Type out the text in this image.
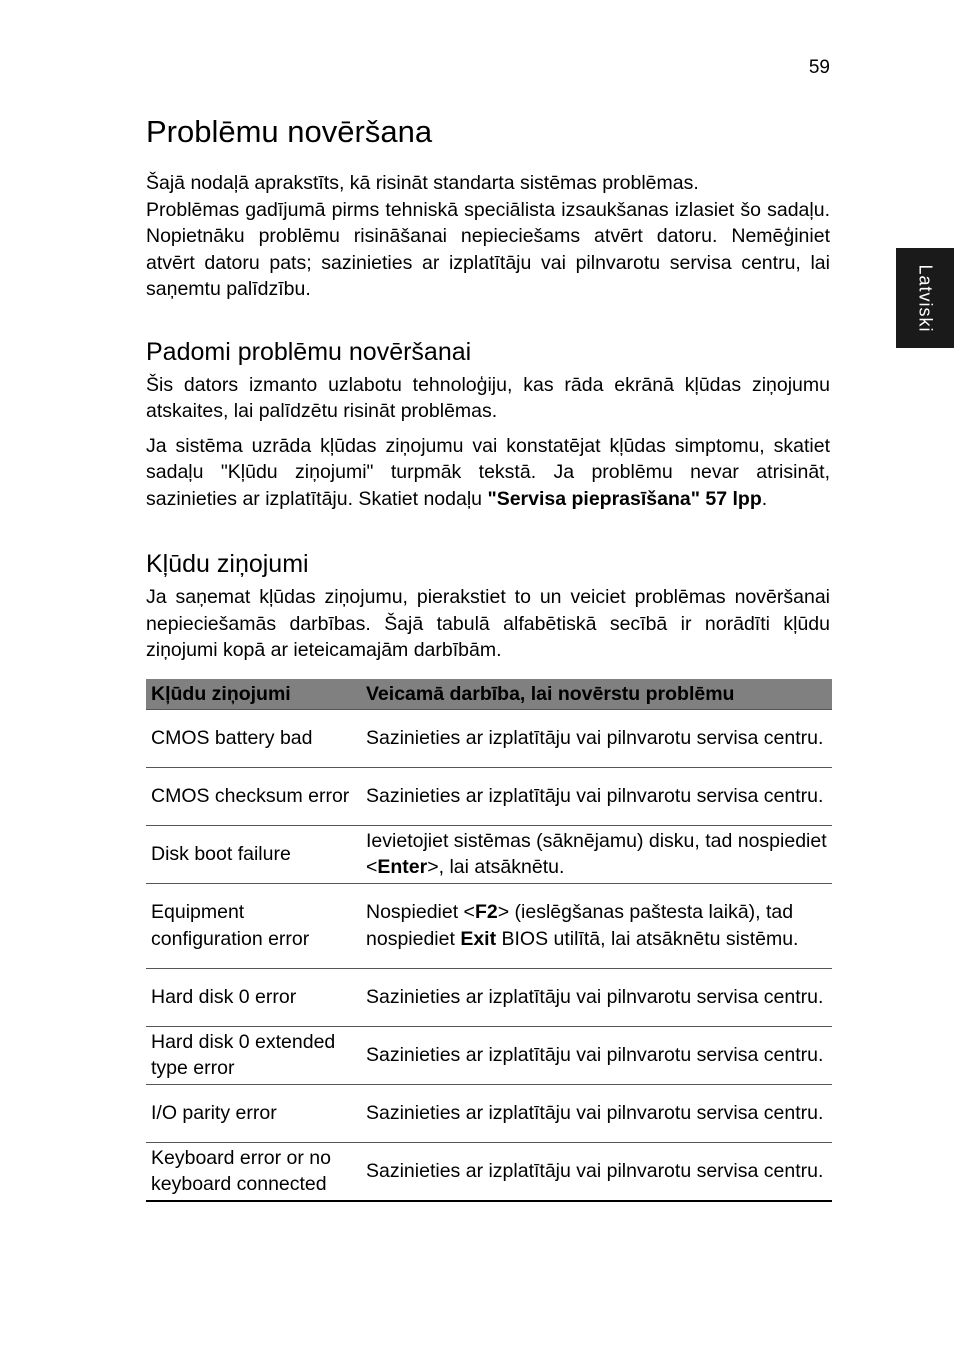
59
Latviski
Problēmu novēršana

Šajā nodaļā aprakstīts, kā risināt standarta sistēmas problēmas.

Problēmas gadījumā pirms tehniskā speciālista izsaukšanas izlasiet šo sadaļu. Nopietnāku problēmu risināšanai nepieciešams atvērt datoru. Nemēģiniet atvērt datoru pats; sazinieties ar izplatītāju vai pilnvarotu servisa centru, lai saņemtu palīdzību.

Padomi problēmu novēršanai

Šis dators izmanto uzlabotu tehnoloģiju, kas rāda ekrānā kļūdas ziņojumu atskaites, lai palīdzētu risināt problēmas.

Ja sistēma uzrāda kļūdas ziņojumu vai konstatējat kļūdas simptomu, skatiet sadaļu "Kļūdu ziņojumi" turpmāk tekstā. Ja problēmu nevar atrisināt, sazinieties ar izplatītāju. Skatiet nodaļu "Servisa pieprasīšana" 57 lpp.

Kļūdu ziņojumi

Ja saņemat kļūdas ziņojumu, pierakstiet to un veiciet problēmas novēršanai nepieciešamās darbības. Šajā tabulā alfabētiskā secībā ir norādīti kļūdu ziņojumi kopā ar ieteicamajām darbībām.

Kļūdu ziņojumi	Veicamā darbība, lai novērstu problēmu
CMOS battery bad	Sazinieties ar izplatītāju vai pilnvarotu servisa centru.
CMOS checksum error	Sazinieties ar izplatītāju vai pilnvarotu servisa centru.
Disk boot failure	Ievietojiet sistēmas (sāknējamu) disku, tad nospiediet <Enter>, lai atsāknētu.
Equipment configuration error	Nospiediet <F2> (ieslēgšanas paštesta laikā), tad nospiediet Exit BIOS utilītā, lai atsāknētu sistēmu.
Hard disk 0 error	Sazinieties ar izplatītāju vai pilnvarotu servisa centru.
Hard disk 0 extended type error	Sazinieties ar izplatītāju vai pilnvarotu servisa centru.
I/O parity error	Sazinieties ar izplatītāju vai pilnvarotu servisa centru.
Keyboard error or no keyboard connected	Sazinieties ar izplatītāju vai pilnvarotu servisa centru.
